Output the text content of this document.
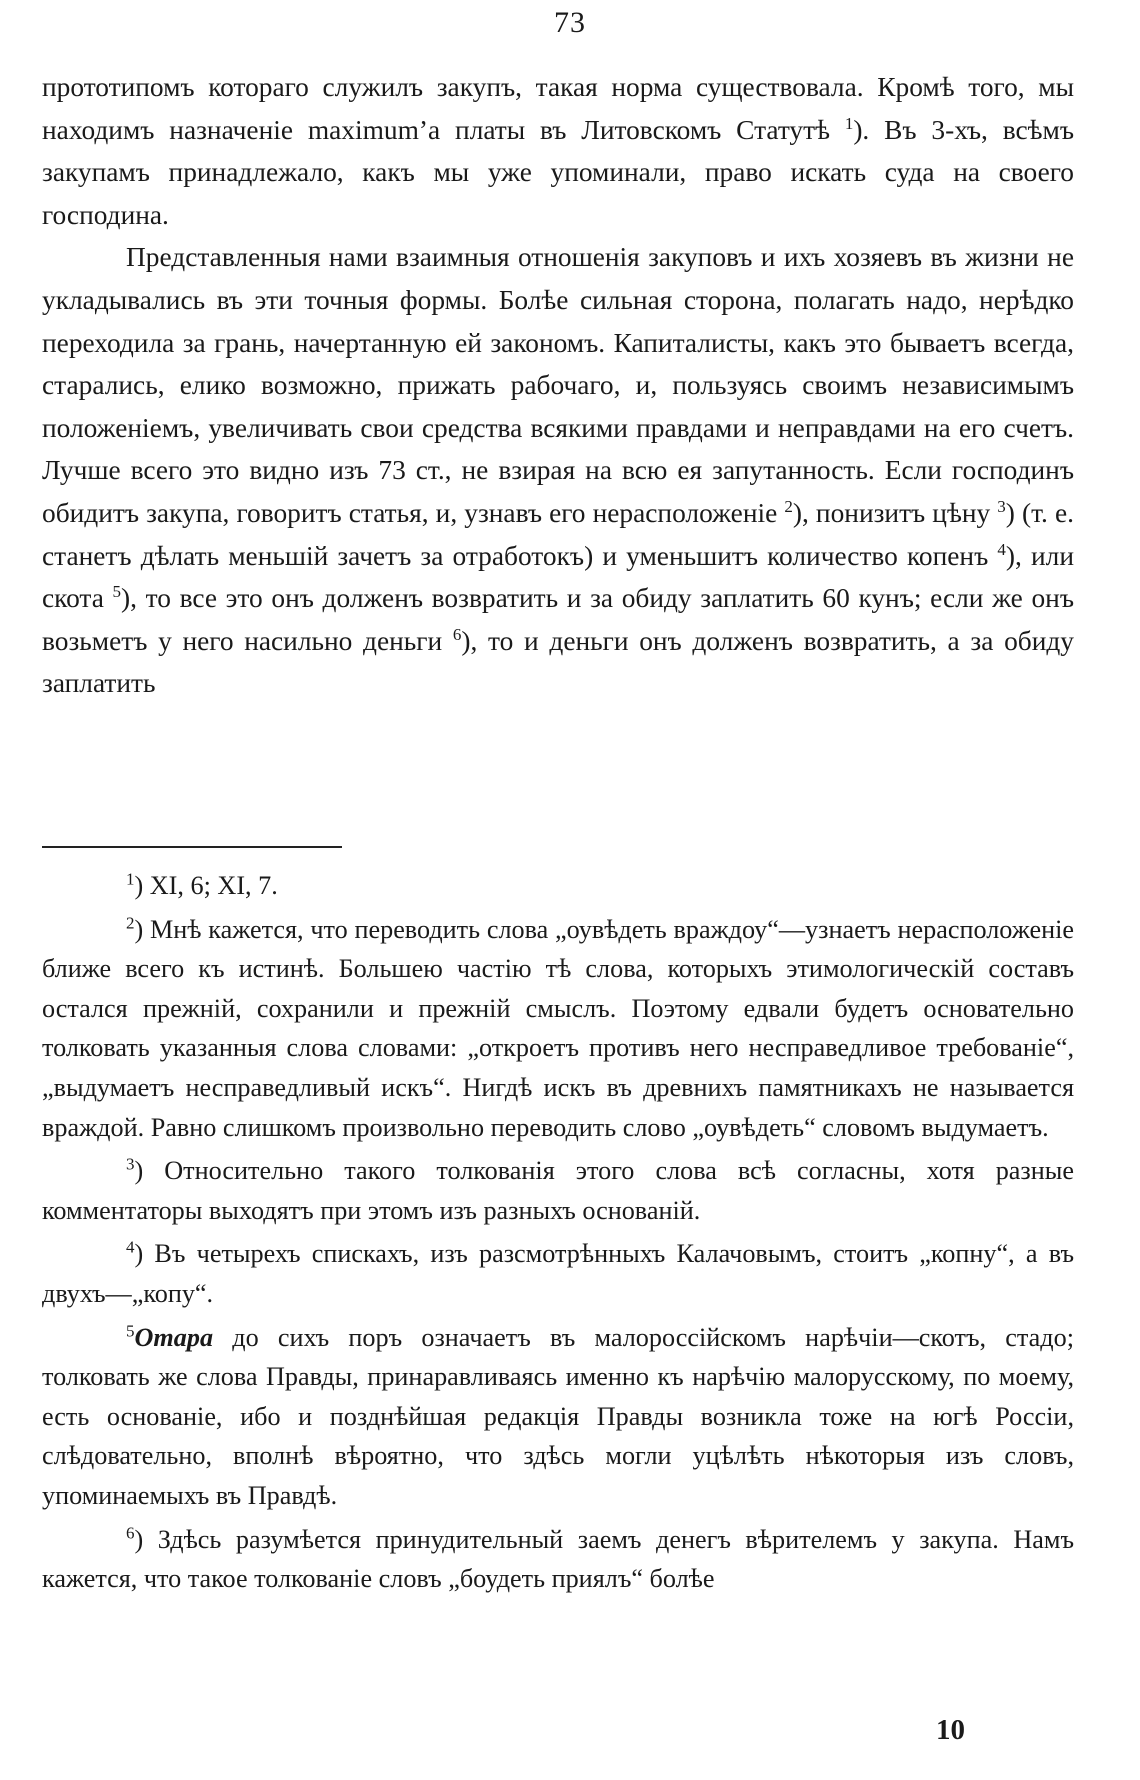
73

прототипомъ котораго служилъ закупъ, такая норма существовала. Кромѣ того, мы находимъ назначеніе maximum’а платы въ Литовскомъ Статутѣ $^1$). Въ 3-хъ, всѣмъ закупамъ принадлежало, какъ мы уже упоминали, право искать суда на своего господина.

Представленныя нами взаимныя отношенія закуповъ и ихъ хозяевъ въ жизни не укладывались въ эти точныя формы. Болѣе сильная сторона, полагать надо, нерѣдко переходила за грань, начертанную ей закономъ. Капиталисты, какъ это бываетъ всегда, старались, елико возможно, прижать рабочаго, и, пользуясь своимъ независимымъ положеніемъ, увеличивать свои средства всякими правдами и неправдами на его счетъ. Лучше всего это видно изъ 73 ст., не взирая на всю ея запутанность. Если господинъ обидитъ закупа, говоритъ статья, и, узнавъ его нерасположеніе $^2$), понизитъ цѣну $^3$) (т. е. станетъ дѣлать меньшій зачетъ за отработокъ) и уменьшитъ количество копенъ $^4$), или скота $^5$), то все это онъ долженъ возвратить и за обиду заплатить 60 кунъ; если же онъ возьметъ у него насильно деньги $^6$), то и деньги онъ долженъ возвратить, а за обиду заплатить

$^1$) XI, 6; XI, 7.

$^2$) Мнѣ кажется, что переводить слова „оувѣдеть враждоу“—узнаетъ нерасположеніе ближе всего къ истинѣ. Большею частію тѣ слова, которыхъ этимологическій составъ остался прежній, сохранили и прежній смыслъ. Поэтому едвали будетъ основательно толковать указанныя слова словами: „откроетъ противъ него несправедливое требованіе“, „выдумаетъ несправедливый искъ“. Нигдѣ искъ въ древнихъ памятникахъ не называется враждой. Равно слишкомъ произвольно переводить слово „оувѣдеть“ словомъ выдумаетъ.

$^3$) Относительно такого толкованія этого слова всѣ согласны, хотя разные комментаторы выходятъ при этомъ изъ разныхъ основаній.

$^4$) Въ четырехъ спискахъ, изъ разсмотрѣнныхъ Калачовымъ, стоитъ „копну“, а въ двухъ—„копу“.

$^5$Отара до сихъ поръ означаетъ въ малороссійскомъ нарѣчіи—скотъ, стадо; толковать же слова Правды, принаравливаясь именно къ нарѣчію малорусскому, по моему, есть основаніе, ибо и позднѣйшая редакція Правды возникла тоже на югѣ Россіи, слѣдовательно, вполнѣ вѣроятно, что здѣсь могли уцѣлѣть нѣкоторыя изъ словъ, упоминаемыхъ въ Правдѣ.

$^6$) Здѣсь разумѣется принудительный заемъ денегъ вѣрителемъ у закупа. Намъ кажется, что такое толкованіе словъ „боудеть приялъ“ болѣе

10
